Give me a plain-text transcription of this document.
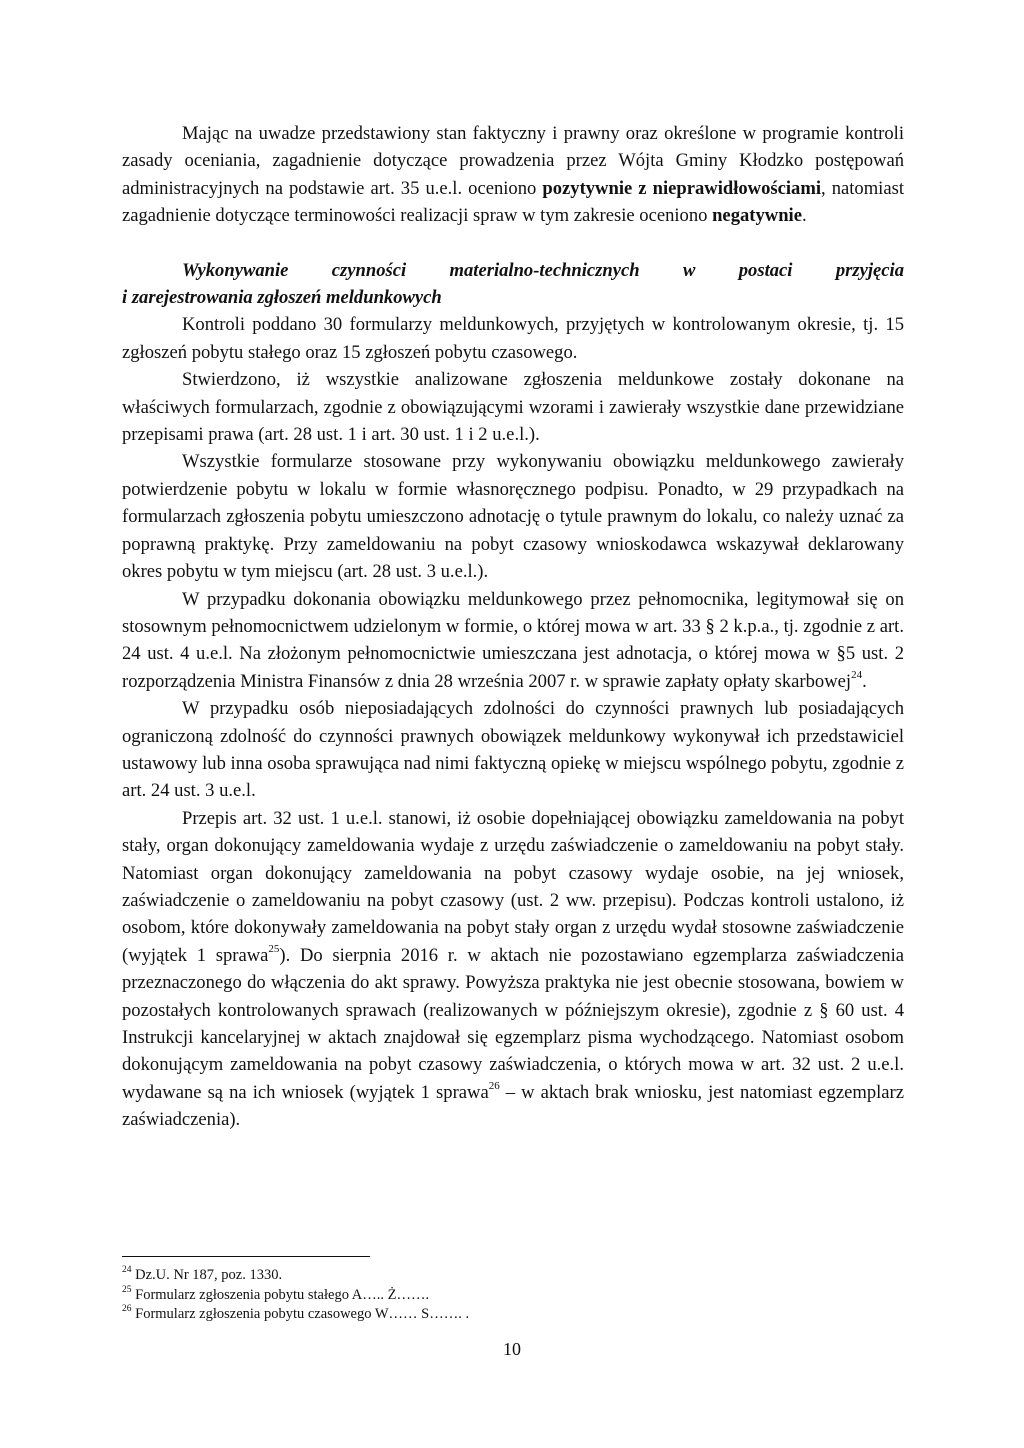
Mając na uwadze przedstawiony stan faktyczny i prawny oraz określone w programie kontroli zasady oceniania, zagadnienie dotyczące prowadzenia przez Wójta Gminy Kłodzko postępowań administracyjnych na podstawie art. 35 u.e.l. oceniono pozytywnie z nieprawidłowościami, natomiast zagadnienie dotyczące terminowości realizacji spraw w tym zakresie oceniono negatywnie.

Wykonywanie czynności materialno-technicznych w postaci przyjęcia
i zarejestrowania zgłoszeń meldunkowych

Kontroli poddano 30 formularzy meldunkowych, przyjętych w kontrolowanym okresie, tj. 15 zgłoszeń pobytu stałego oraz 15 zgłoszeń pobytu czasowego.

Stwierdzono, iż wszystkie analizowane zgłoszenia meldunkowe zostały dokonane na właściwych formularzach, zgodnie z obowiązującymi wzorami i zawierały wszystkie dane przewidziane przepisami prawa (art. 28 ust. 1 i art. 30 ust. 1 i 2 u.e.l.).

Wszystkie formularze stosowane przy wykonywaniu obowiązku meldunkowego zawierały potwierdzenie pobytu w lokalu w formie własnoręcznego podpisu. Ponadto, w 29 przypadkach na formularzach zgłoszenia pobytu umieszczono adnotację o tytule prawnym do lokalu, co należy uznać za poprawną praktykę. Przy zameldowaniu na pobyt czasowy wnioskodawca wskazywał deklarowany okres pobytu w tym miejscu (art. 28 ust. 3 u.e.l.).

W przypadku dokonania obowiązku meldunkowego przez pełnomocnika, legitymował się on stosownym pełnomocnictwem udzielonym w formie, o której mowa w art. 33 § 2 k.p.a., tj. zgodnie z art. 24 ust. 4 u.e.l. Na złożonym pełnomocnictwie umieszczana jest adnotacja, o której mowa w §5 ust. 2 rozporządzenia Ministra Finansów z dnia 28 września 2007 r. w sprawie zapłaty opłaty skarbowej$^{24}$.

W przypadku osób nieposiadających zdolności do czynności prawnych lub posiadających ograniczoną zdolność do czynności prawnych obowiązek meldunkowy wykonywał ich przedstawiciel ustawowy lub inna osoba sprawująca nad nimi faktyczną opiekę w miejscu wspólnego pobytu, zgodnie z art. 24 ust. 3 u.e.l.

Przepis art. 32 ust. 1 u.e.l. stanowi, iż osobie dopełniającej obowiązku zameldowania na pobyt stały, organ dokonujący zameldowania wydaje z urzędu zaświadczenie o zameldowaniu na pobyt stały. Natomiast organ dokonujący zameldowania na pobyt czasowy wydaje osobie, na jej wniosek, zaświadczenie o zameldowaniu na pobyt czasowy (ust. 2 ww. przepisu). Podczas kontroli ustalono, iż osobom, które dokonywały zameldowania na pobyt stały organ z urzędu wydał stosowne zaświadczenie (wyjątek 1 sprawa$^{25}$). Do sierpnia 2016 r. w aktach nie pozostawiano egzemplarza zaświadczenia przeznaczonego do włączenia do akt sprawy. Powyższa praktyka nie jest obecnie stosowana, bowiem w pozostałych kontrolowanych sprawach (realizowanych w późniejszym okresie), zgodnie z § 60 ust. 4 Instrukcji kancelaryjnej w aktach znajdował się egzemplarz pisma wychodzącego. Natomiast osobom dokonującym zameldowania na pobyt czasowy zaświadczenia, o których mowa w art. 32 ust. 2 u.e.l. wydawane są na ich wniosek (wyjątek 1 sprawa$^{26}$ – w aktach brak wniosku, jest natomiast egzemplarz zaświadczenia).

$^{24}$ Dz.U. Nr 187, poz. 1330.
$^{25}$ Formularz zgłoszenia pobytu stałego A….. Ż…….
$^{26}$ Formularz zgłoszenia pobytu czasowego W…… S……. .
10
